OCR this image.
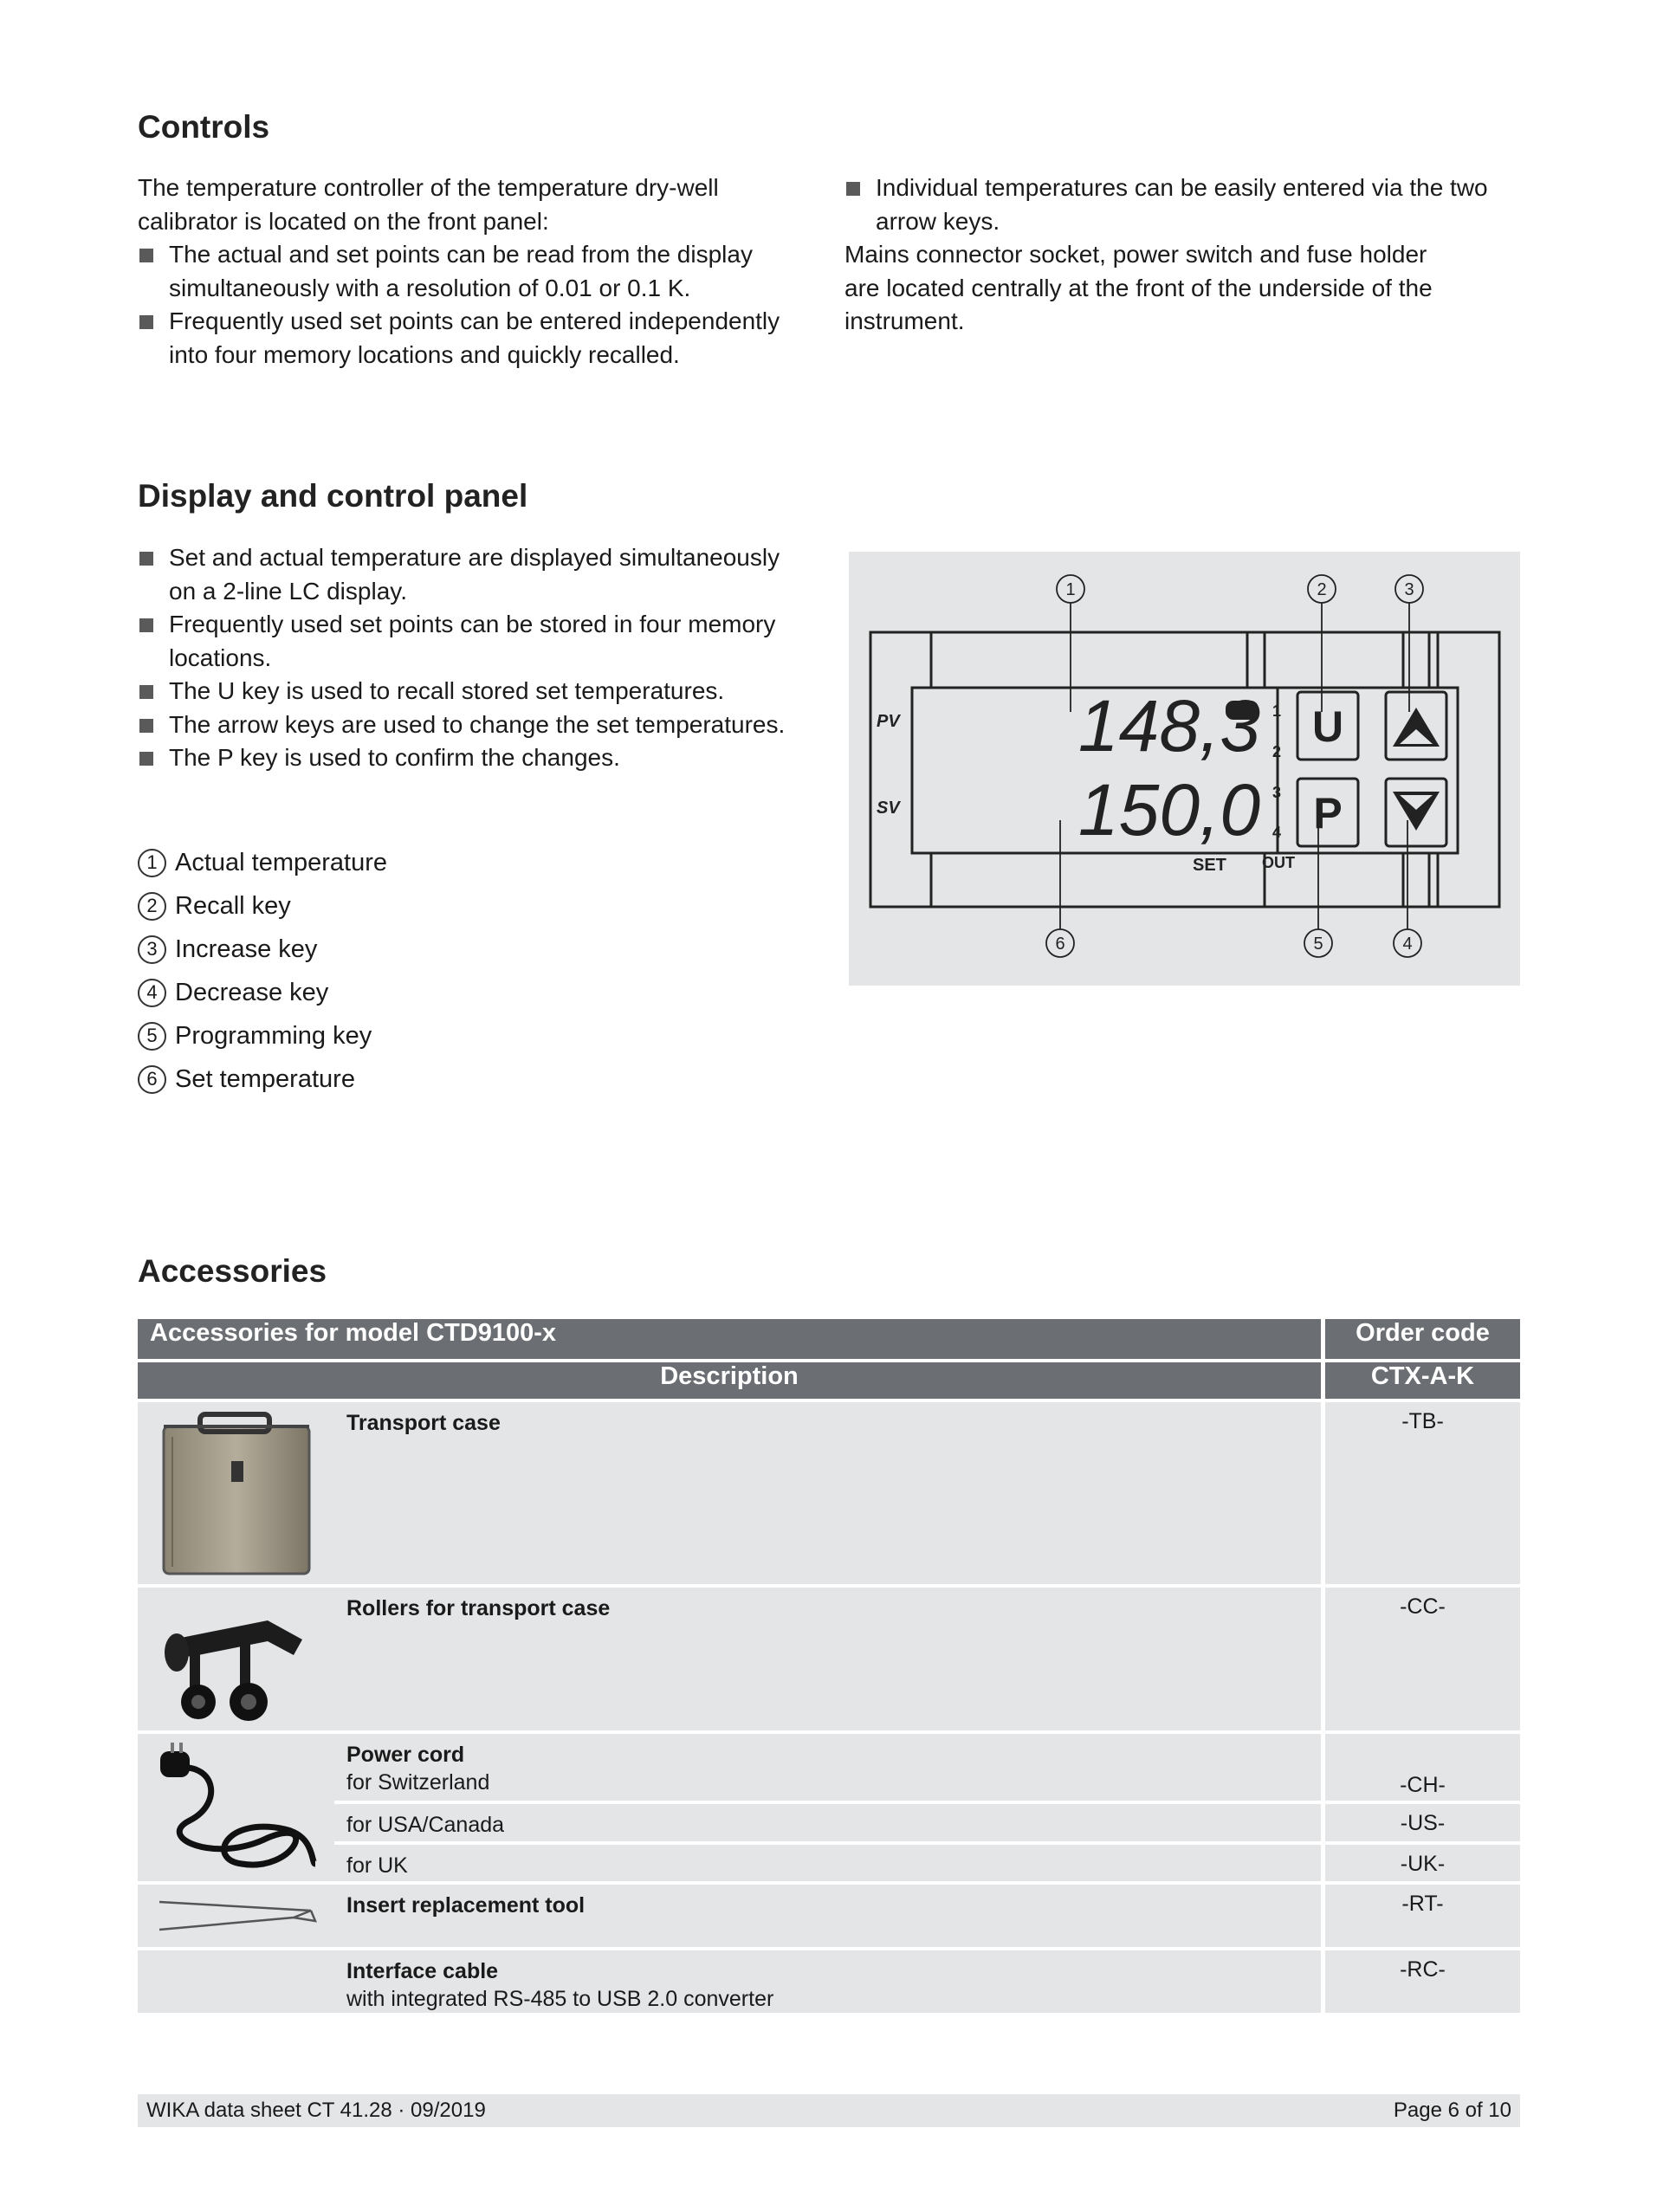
Controls

The temperature controller of the temperature dry-well calibrator is located on the front panel:

The actual and set points can be read from the display simultaneously with a resolution of 0.01 or 0.1 K.

Frequently used set points can be entered independently into four memory locations and quickly recalled.

Individual temperatures can be easily entered via the two arrow keys.

Mains connector socket, power switch and fuse holder are located centrally at the front of the underside of the instrument.

Display and control panel

Set and actual temperature are displayed simultaneously on a 2-line LC display.

Frequently used set points can be stored in four memory locations.

The U key is used to recall stored set temperatures.

The arrow keys are used to change the set temperatures.

The P key is used to confirm the changes.

1 Actual temperature
2 Recall key
3 Increase key
4 Decrease key
5 Programming key
6 Set temperature
1	2	3
6	5	4
PV
SV
148,3
150,0
SET OUT
1
2
3
4
U
P
Accessories
Accessories for model CTD9100-x		Order code
Description		CTX-A-K
	Transport case	-TB-
	Rollers for transport case	-CC-
	Power cord
for Switzerland	-CH-
	for USA/Canada	-US-
	for UK	-UK-
	Insert replacement tool	-RT-
	Interface cable
with integrated RS-485 to USB 2.0 converter	-RC-
WIKA data sheet CT 41.28 · 09/2019	Page 6 of 10
